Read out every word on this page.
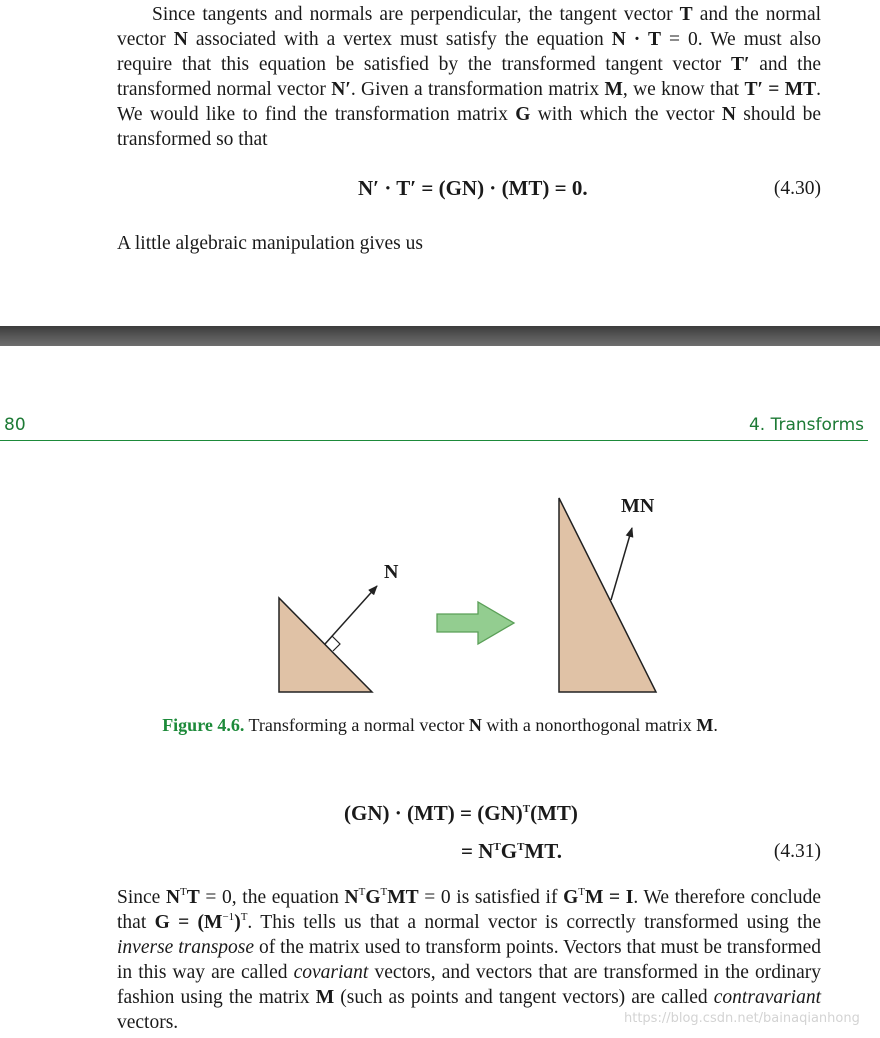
Since tangents and normals are perpendicular, the tangent vector T and the normal vector N associated with a vertex must satisfy the equation N · T = 0. We must also require that this equation be satisfied by the transformed tangent vector T′ and the transformed normal vector N′. Given a transformation matrix M, we know that T′ = MT. We would like to find the transformation matrix G with which the vector N should be transformed so that

N′ · T′ = (GN) · (MT) = 0.	(4.30)

A little algebraic manipulation gives us

80	4. Transforms
N
MN
Figure 4.6. Transforming a normal vector N with a nonorthogonal matrix M.
(GN) · (MT) = (GN)$^T$(MT)
= $N^TG^TMT$.	(4.31)

Since $N^TT = 0$, the equation $N^TG^TMT = 0$ is satisfied if $G^TM = I$. We therefore conclude that $G = (M^{-1})^T$. This tells us that a normal vector is correctly transformed using the inverse transpose of the matrix used to transform points. Vectors that must be transformed in this way are called covariant vectors, and vectors that are transformed in the ordinary fashion using the matrix M (such as points and tangent vectors) are called contravariant vectors.	https://blog.csdn.net/bainaqianhong
